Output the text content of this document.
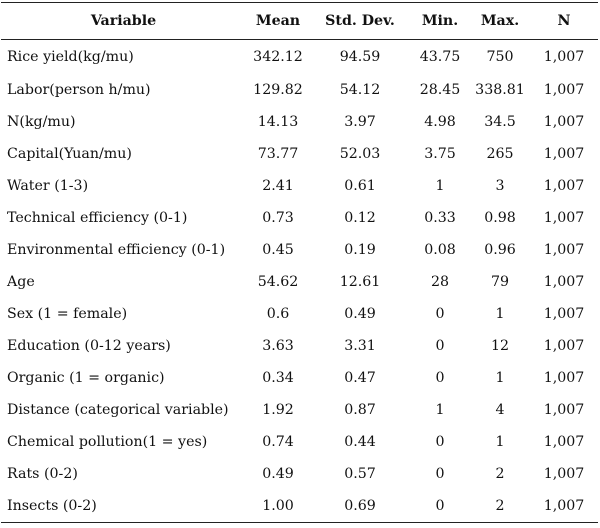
Variable	Mean	Std. Dev.	Min.	Max.	N
Rice yield(kg/mu)	342.12	94.59	43.75	750	1,007
Labor(person h/mu)	129.82	54.12	28.45	338.81	1,007
N(kg/mu)	14.13	3.97	4.98	34.5	1,007
Capital(Yuan/mu)	73.77	52.03	3.75	265	1,007
Water (1-3)	2.41	0.61	1	3	1,007
Technical efficiency (0-1)	0.73	0.12	0.33	0.98	1,007
Environmental efficiency (0-1)	0.45	0.19	0.08	0.96	1,007
Age	54.62	12.61	28	79	1,007
Sex (1 = female)	0.6	0.49	0	1	1,007
Education (0-12 years)	3.63	3.31	0	12	1,007
Organic (1 = organic)	0.34	0.47	0	1	1,007
Distance (categorical variable)	1.92	0.87	1	4	1,007
Chemical pollution(1 = yes)	0.74	0.44	0	1	1,007
Rats (0-2)	0.49	0.57	0	2	1,007
Insects (0-2)	1.00	0.69	0	2	1,007
